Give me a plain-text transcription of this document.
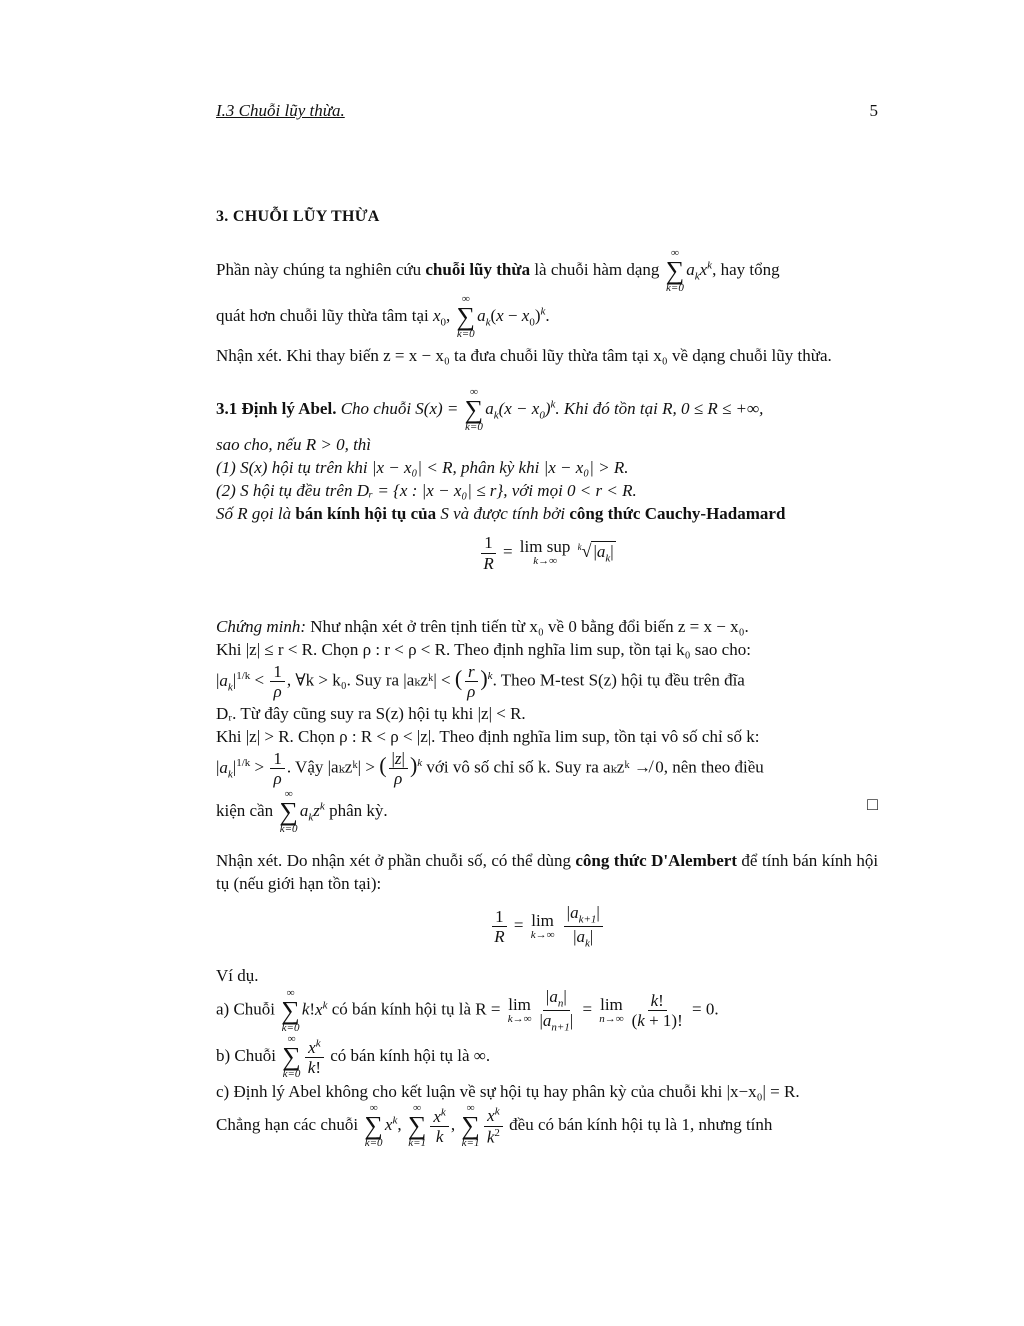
I.3 Chuỗi lũy thừa.	5
3. CHUỖI LŨY THỪA

Phần này chúng ta nghiên cứu chuỗi lũy thừa là chuỗi hàm dạng
∞
∑
k=0
$a_kx^k$, hay tổng
quát hơn chuỗi lũy thừa tâm tại $x_0$,
∞
∑
k=0
$a_k(x - x_0)^k$.

Nhận xét. Khi thay biến z = x − x₀ ta đưa chuỗi lũy thừa tâm tại x₀ về dạng chuỗi lũy thừa.

3.1 Định lý Abel. Cho chuỗi S(x) =
∞
∑
k=0
$a_k(x - x_0)^k$. Khi đó tồn tại R, 0 ≤ R ≤ +∞,
sao cho, nếu R > 0, thì
(1) S(x) hội tụ trên khi |x − x₀| < R, phân kỳ khi |x − x₀| > R.
(2) S hội tụ đều trên Dᵣ = {x : |x − x₀| ≤ r}, với mọi 0 < r < R.
Số R gọi là bán kính hội tụ của S và được tính bởi công thức Cauchy-Hadamard

$\frac{1}{R} = \lim$ sup
k→∞
$^k$√ $|a_k|$

Chứng minh: Như nhận xét ở trên tịnh tiến từ x₀ về 0 bằng đổi biến z = x − x₀.

Khi |z| ≤ r < R. Chọn ρ : r < ρ < R. Theo định nghĩa lim sup, tồn tại k₀ sao cho:

$|a_k|^{1/k} < \frac{1}{\rho}$ , ∀k > k₀. Suy ra |aₖzᵏ| < ( $\frac{r}{\rho} )^k$. Theo M-test S(z) hội tụ đều trên đĩa

Dᵣ. Từ đây cũng suy ra S(z) hội tụ khi |z| < R.

Khi |z| > R. Chọn ρ : R < ρ < |z|. Theo định nghĩa lim sup, tồn tại vô số chỉ số k:

$|a_k|^{1/k} > \frac{1}{\rho}$ . Vậy |aₖzᵏ| > ( $\frac{|z|}{\rho} )^k$ với vô số chỉ số k. Suy ra aₖzᵏ ↛ 0, nên theo điều

kiện cần
∞
∑
k=0
$a_kz^k$ phân kỳ.	□

Nhận xét. Do nhận xét ở phần chuỗi số, có thể dùng công thức D'Alembert để tính bán kính hội tụ (nếu giới hạn tồn tại):

$\frac{1}{R} = \lim$
k→∞
$\frac{|a_{k+1}|}{|a_k|}$

Ví dụ.

a) Chuỗi
∞
∑
k=0
$k!x^k$ có bán kính hội tụ là R = lim
$k\to\infty \frac{|a_n|}{|a_{n+1}|} = \lim$
$n\to\infty \frac{k!}{(k + 1)!} = 0$.

b) Chuỗi
∞
∑
$k=0 \frac{x^k}{k!}$ có bán kính hội tụ là ∞.

c) Định lý Abel không cho kết luận về sự hội tụ hay phân kỳ của chuỗi khi |x−x₀| = R.

Chẳng hạn các chuỗi
∞
∑
k=0
$x^k$,
∞
∑
$k=1 \frac{x^k}{k}$ ,
∞
∑
$k=1 \frac{x^k}{k^2}$ đều có bán kính hội tụ là 1, nhưng tính
